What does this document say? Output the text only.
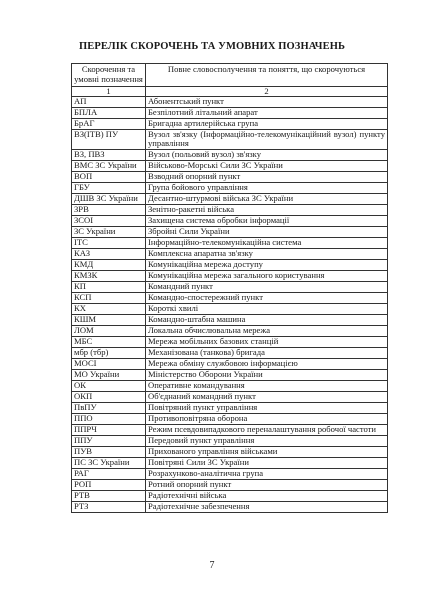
ПЕРЕЛІК СКОРОЧЕНЬ ТА УМОВНИХ ПОЗНАЧЕНЬ
Скорочення та умовні позначення	Повне словосполучення та поняття, що скорочуються
1	2
АП	Абонентський пункт
БПЛА	Безпілотний літальний апарат
БрАГ	Бригадна артилерійська група
ВЗ(ІТВ) ПУ	Вузол зв'язку (Інформаційно-телекомунікаційний вузол) пункту управління
ВЗ, ПВЗ	Вузол (польовий вузол) зв'язку
ВМС ЗС України	Військово-Морські Сили ЗС України
ВОП	Взводний опорний пункт
ГБУ	Група бойового управління
ДШВ ЗС України	Десантно-штурмові війська ЗС України
ЗРВ	Зенітно-ракетні війська
ЗСОІ	Захищена система обробки інформації
ЗС України	Збройні Сили України
ІТС	Інформаційно-телекомунікаційна система
КАЗ	Комплексна апаратна зв'язку
КМД	Комунікаційна мережа доступу
КМЗК	Комунікаційна мережа загального користування
КП	Командний пункт
КСП	Командно-спостережний пункт
КХ	Короткі хвилі
КШМ	Командно-штабна машина
ЛОМ	Локальна обчислювальна мережа
МБС	Мережа мобільних базових станцій
мбр (тбр)	Механізована (танкова) бригада
МОСІ	Мережа обміну службовою інформацією
МО України	Міністерство Оборони України
ОК	Оперативне командування
ОКП	Об'єднаний командний пункт
ПвПУ	Повітряний пункт управління
ППО	Противоповітряна оборона
ППРЧ	Режим псевдовипадкового переналаштування робочої частоти
ППУ	Передовий пункт управління
ПУВ	Прихованого управління військами
ПС ЗС України	Повітряні Сили ЗС України
РАГ	Розрахунково-аналітична група
РОП	Ротний опорний пункт
РТВ	Радіотехнічні війська
РТЗ	Радіотехнічне забезпечення
7
